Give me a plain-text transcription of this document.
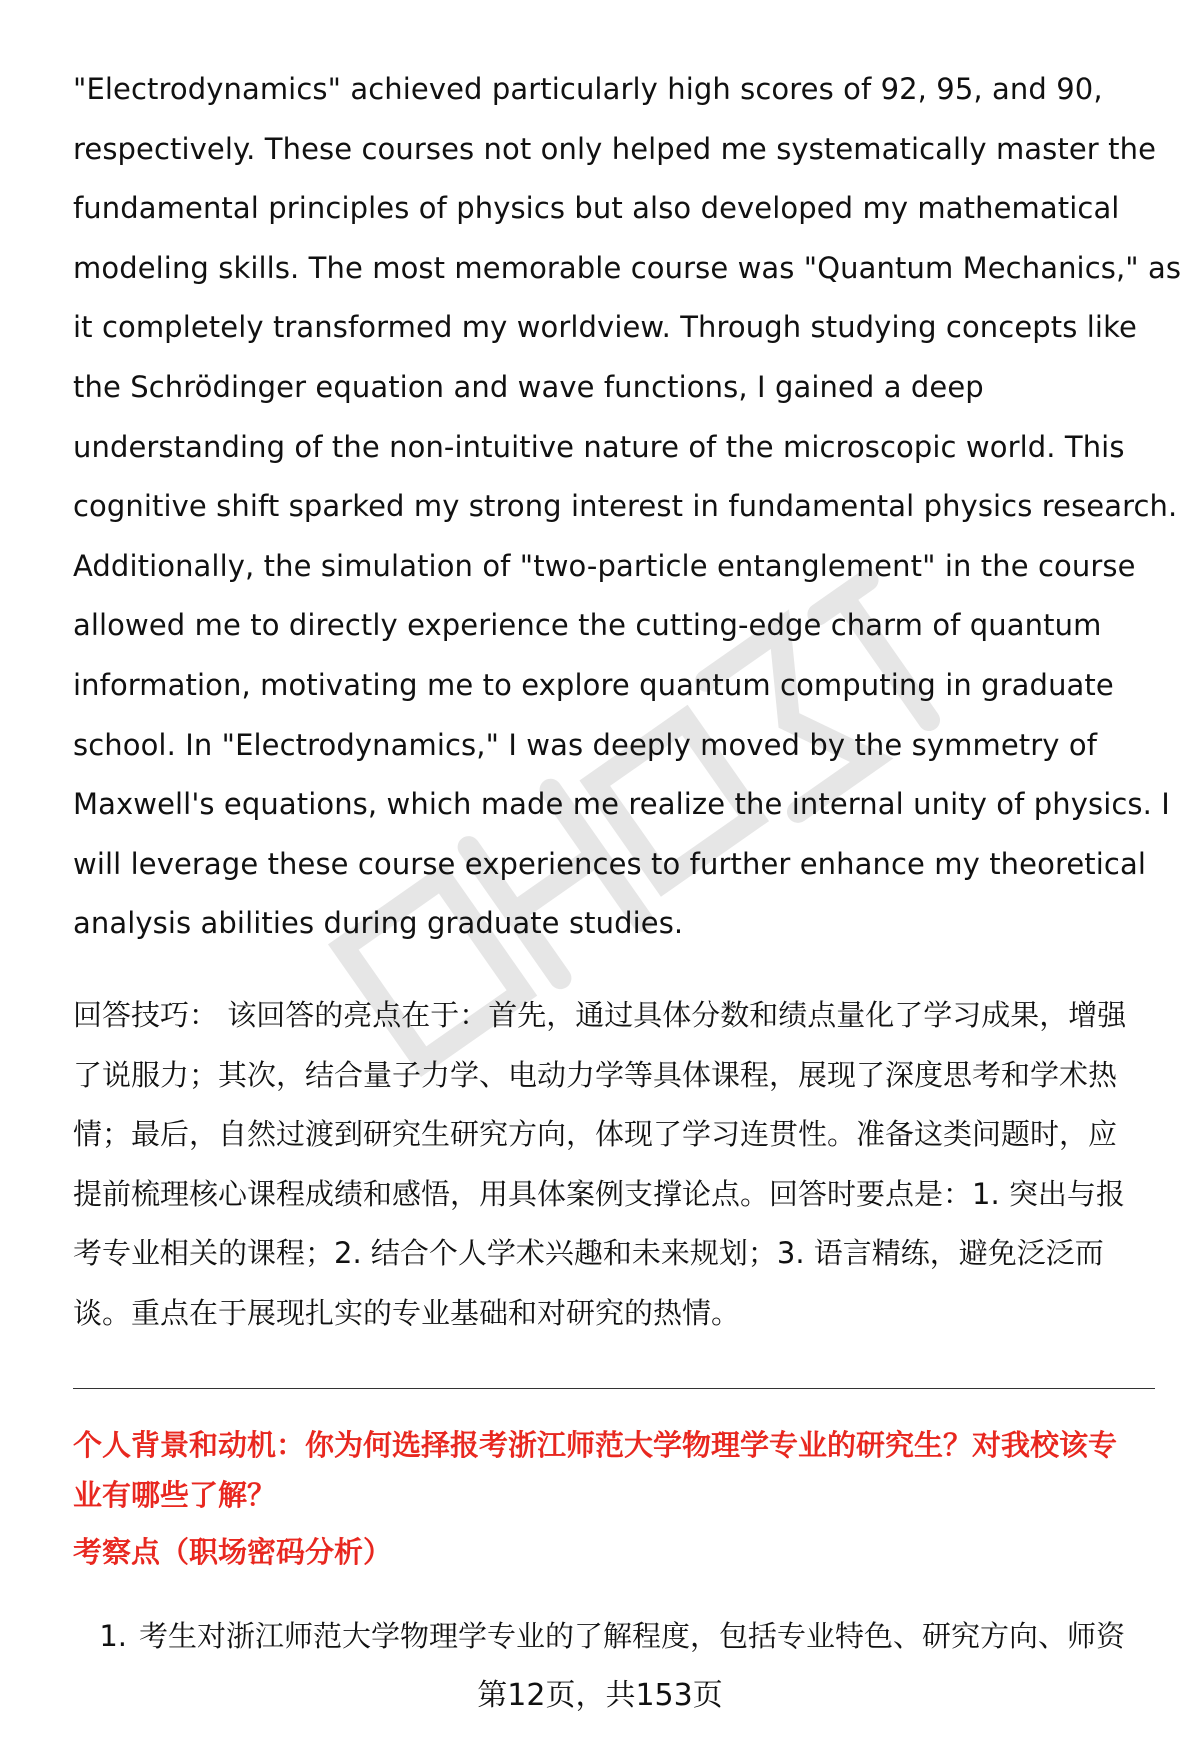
"Electrodynamics" achieved particularly high scores of 92, 95, and 90,
respectively. These courses not only helped me systematically master the
fundamental principles of physics but also developed my mathematical
modeling skills. The most memorable course was "Quantum Mechanics," as
it completely transformed my worldview. Through studying concepts like
the Schrödinger equation and wave functions, I gained a deep
understanding of the non-intuitive nature of the microscopic world. This
cognitive shift sparked my strong interest in fundamental physics research.
Additionally, the simulation of "two-particle entanglement" in the course
allowed me to directly experience the cutting-edge charm of quantum
information, motivating me to explore quantum computing in graduate
school. In "Electrodynamics," I was deeply moved by the symmetry of
Maxwell's equations, which made me realize the internal unity of physics. I
will leverage these course experiences to further enhance my theoretical
analysis abilities during graduate studies.

回答技巧： 该回答的亮点在于：首先，通过具体分数和绩点量化了学习成果，增强
了说服力；其次，结合量子力学、电动力学等具体课程，展现了深度思考和学术热
情；最后，自然过渡到研究生研究方向，体现了学习连贯性。准备这类问题时，应
提前梳理核心课程成绩和感悟，用具体案例支撑论点。回答时要点是：1. 突出与报
考专业相关的课程；2. 结合个人学术兴趣和未来规划；3. 语言精练，避免泛泛而
谈。重点在于展现扎实的专业基础和对研究的热情。

个人背景和动机：你为何选择报考浙江师范大学物理学专业的研究生？对我校该专
业有哪些了解？
考察点（职场密码分析）
1. 考生对浙江师范大学物理学专业的了解程度，包括专业特色、研究方向、师资
第12页，共153页
